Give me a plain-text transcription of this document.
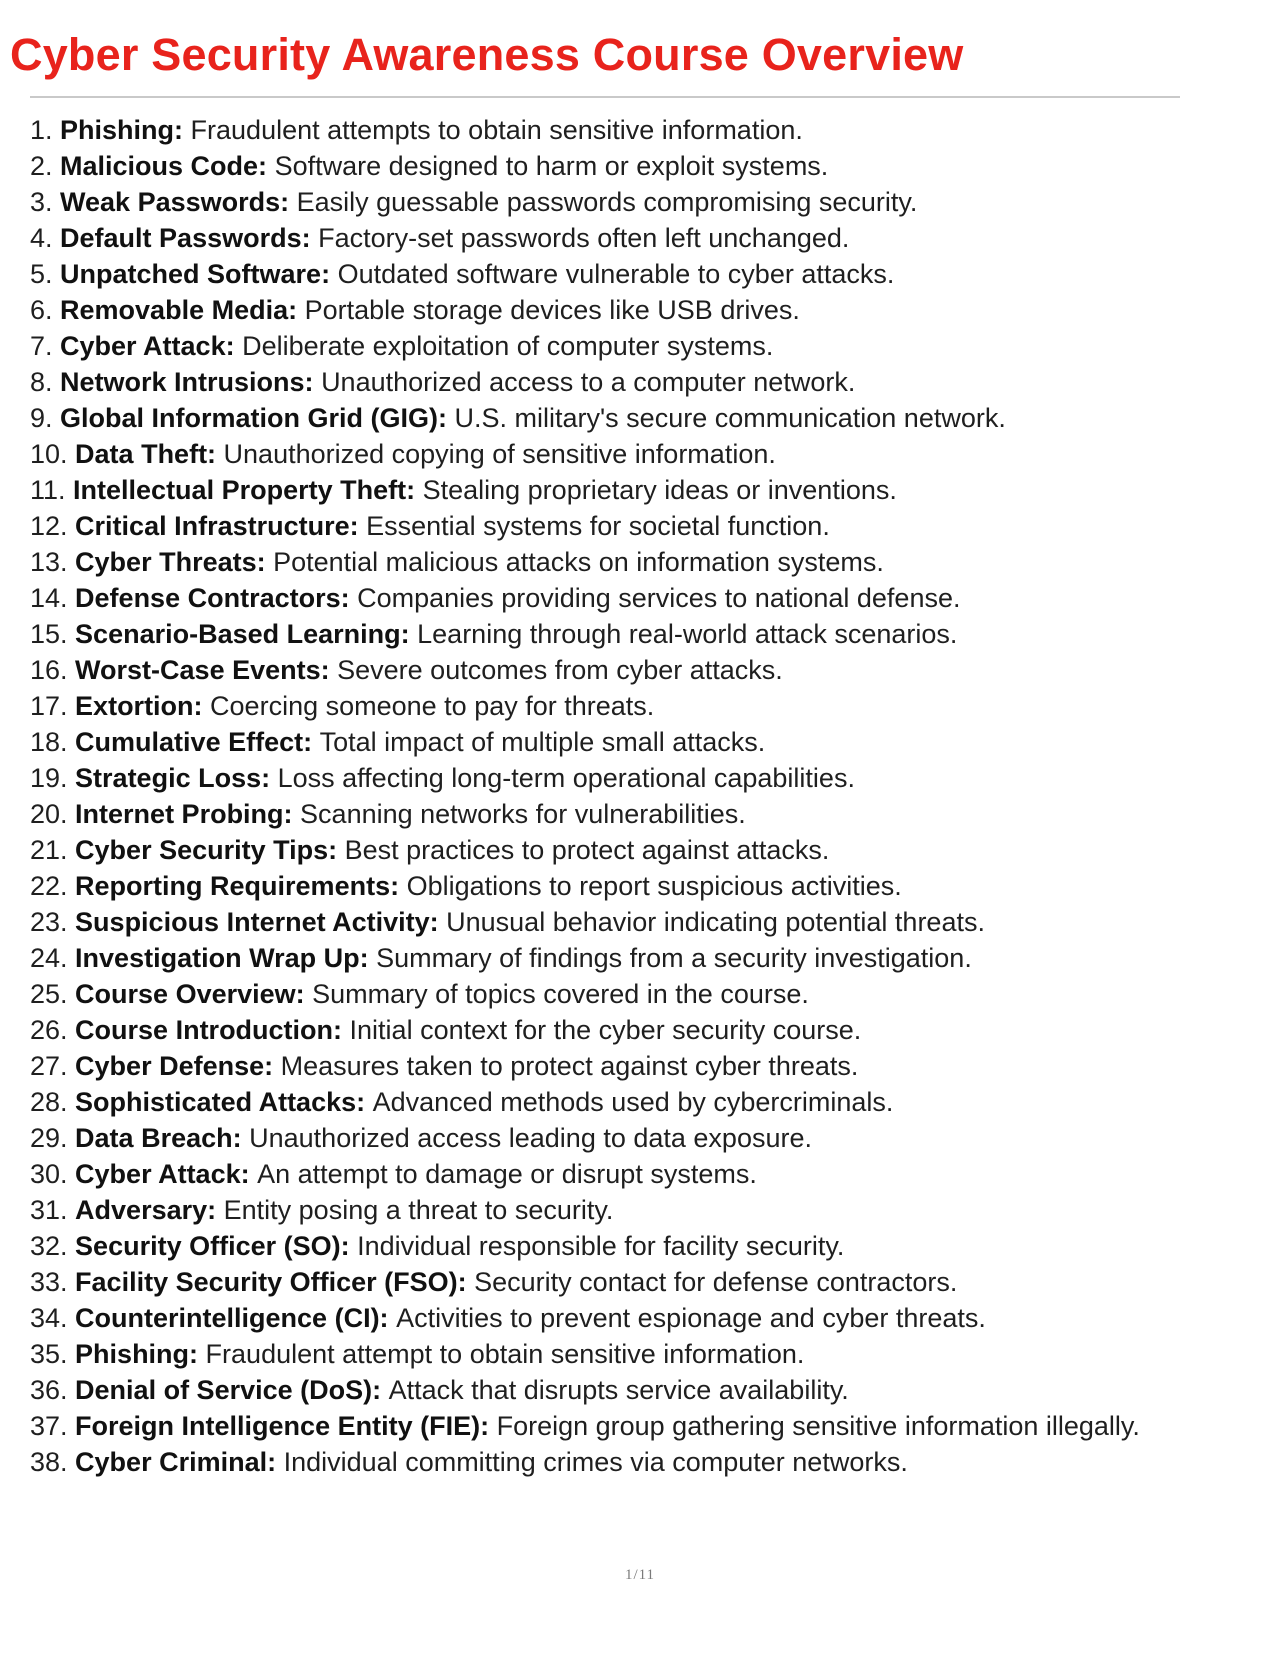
Cyber Security Awareness Course Overview

1. Phishing: Fraudulent attempts to obtain sensitive information.

2. Malicious Code: Software designed to harm or exploit systems.

3. Weak Passwords: Easily guessable passwords compromising security.

4. Default Passwords: Factory-set passwords often left unchanged.

5. Unpatched Software: Outdated software vulnerable to cyber attacks.

6. Removable Media: Portable storage devices like USB drives.

7. Cyber Attack: Deliberate exploitation of computer systems.

8. Network Intrusions: Unauthorized access to a computer network.

9. Global Information Grid (GIG): U.S. military's secure communication network.

10. Data Theft: Unauthorized copying of sensitive information.

11. Intellectual Property Theft: Stealing proprietary ideas or inventions.

12. Critical Infrastructure: Essential systems for societal function.

13. Cyber Threats: Potential malicious attacks on information systems.

14. Defense Contractors: Companies providing services to national defense.

15. Scenario-Based Learning: Learning through real-world attack scenarios.

16. Worst-Case Events: Severe outcomes from cyber attacks.

17. Extortion: Coercing someone to pay for threats.

18. Cumulative Effect: Total impact of multiple small attacks.

19. Strategic Loss: Loss affecting long-term operational capabilities.

20. Internet Probing: Scanning networks for vulnerabilities.

21. Cyber Security Tips: Best practices to protect against attacks.

22. Reporting Requirements: Obligations to report suspicious activities.

23. Suspicious Internet Activity: Unusual behavior indicating potential threats.

24. Investigation Wrap Up: Summary of findings from a security investigation.

25. Course Overview: Summary of topics covered in the course.

26. Course Introduction: Initial context for the cyber security course.

27. Cyber Defense: Measures taken to protect against cyber threats.

28. Sophisticated Attacks: Advanced methods used by cybercriminals.

29. Data Breach: Unauthorized access leading to data exposure.

30. Cyber Attack: An attempt to damage or disrupt systems.

31. Adversary: Entity posing a threat to security.

32. Security Officer (SO): Individual responsible for facility security.

33. Facility Security Officer (FSO): Security contact for defense contractors.

34. Counterintelligence (CI): Activities to prevent espionage and cyber threats.

35. Phishing: Fraudulent attempt to obtain sensitive information.

36. Denial of Service (DoS): Attack that disrupts service availability.

37. Foreign Intelligence Entity (FIE): Foreign group gathering sensitive information illegally.

38. Cyber Criminal: Individual committing crimes via computer networks.

1/11
